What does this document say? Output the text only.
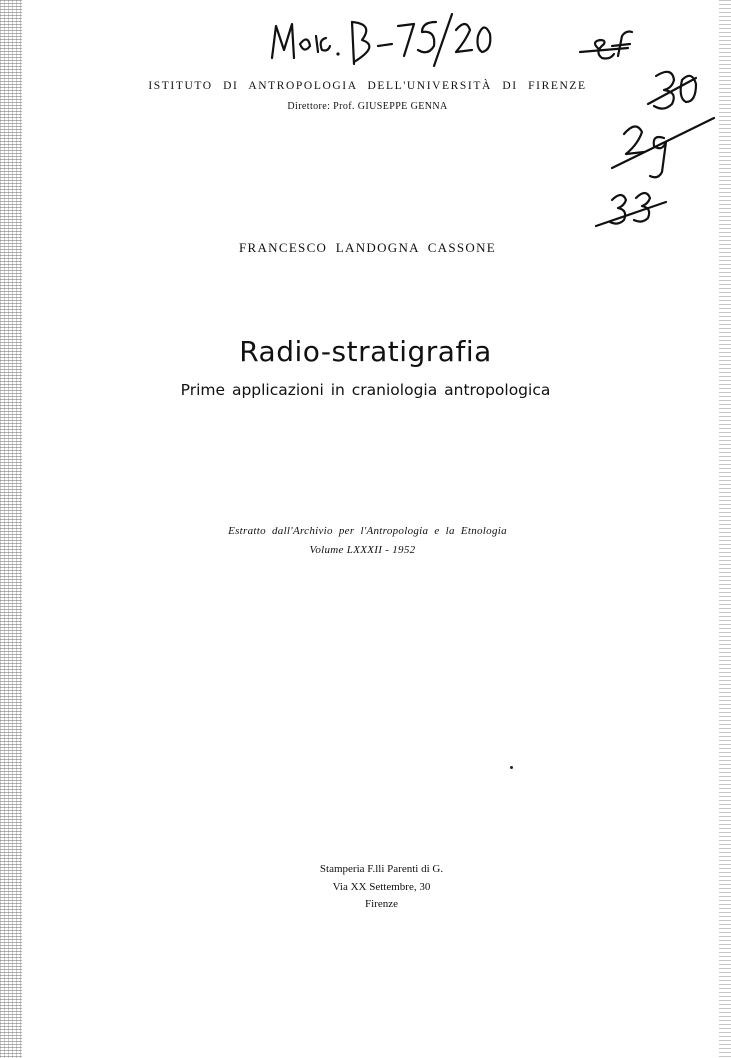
ISTITUTO DI ANTROPOLOGIA DELL'UNIVERSITÀ DI FIRENZE
Direttore: Prof. GIUSEPPE GENNA
FRANCESCO LANDOGNA CASSONE
Radio-stratigrafia
Prime applicazioni in craniologia antropologica
Estratto dall'Archivio per l'Antropologia e la Etnologia
Volume LXXXII - 1952
Stamperia F.lli Parenti di G.
Via XX Settembre, 30
Firenze
